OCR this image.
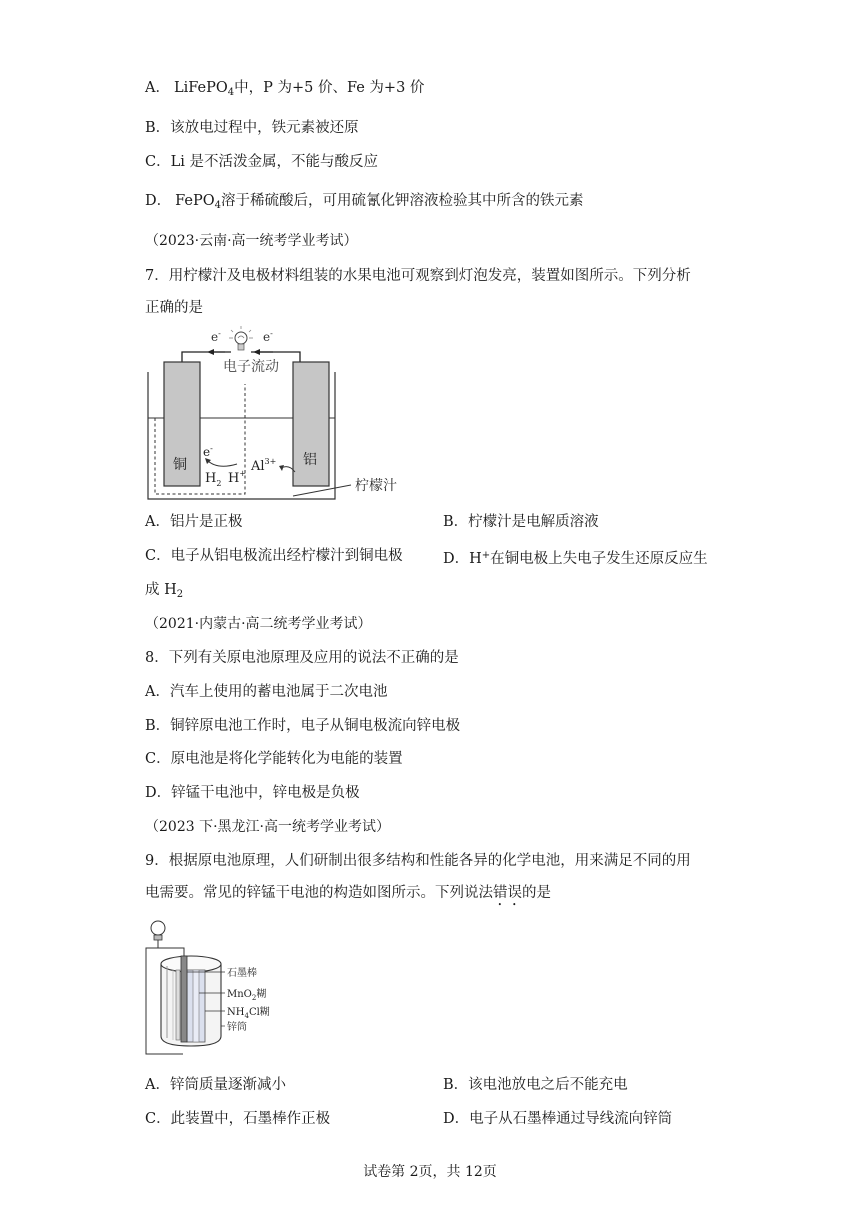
A． LiFePO$_4$中，P 为+5 价、Fe 为+3 价
B．该放电过程中，铁元素被还原
C．Li 是不活泼金属，不能与酸反应
D． FePO$_4$溶于稀硫酸后，可用硫氰化钾溶液检验其中所含的铁元素
（2023·云南·高一统考学业考试）
7．用柠檬汁及电极材料组装的水果电池可观察到灯泡发亮，装置如图所示。下列分析
正确的是
e-	e-
电子流动
铜	铝
e-
$H_2$ H+ $Al^{3+}$
柠檬汁
A．铝片是正极	B．柠檬汁是电解质溶液
C．电子从铝电极流出经柠檬汁到铜电极	D．H+在铜电极上失电子发生还原反应生
成 $H_2$
（2021·内蒙古·高二统考学业考试）
8．下列有关原电池原理及应用的说法不正确的是
A．汽车上使用的蓄电池属于二次电池
B．铜锌原电池工作时，电子从铜电极流向锌电极
C．原电池是将化学能转化为电能的装置
D．锌锰干电池中，锌电极是负极
（2023 下·黑龙江·高一统考学业考试）
9．根据原电池原理，人们研制出很多结构和性能各异的化学电池，用来满足不同的用
电需要。常见的锌锰干电池的构造如图所示。下列说法错误的是
石墨棒
MnO$_2$糊
$NH_4Cl$糊
锌筒
A．锌筒质量逐渐减小	B．该电池放电之后不能充电
C．此装置中，石墨棒作正极	D．电子从石墨棒通过导线流向锌筒
试卷第 2页，共 12页
